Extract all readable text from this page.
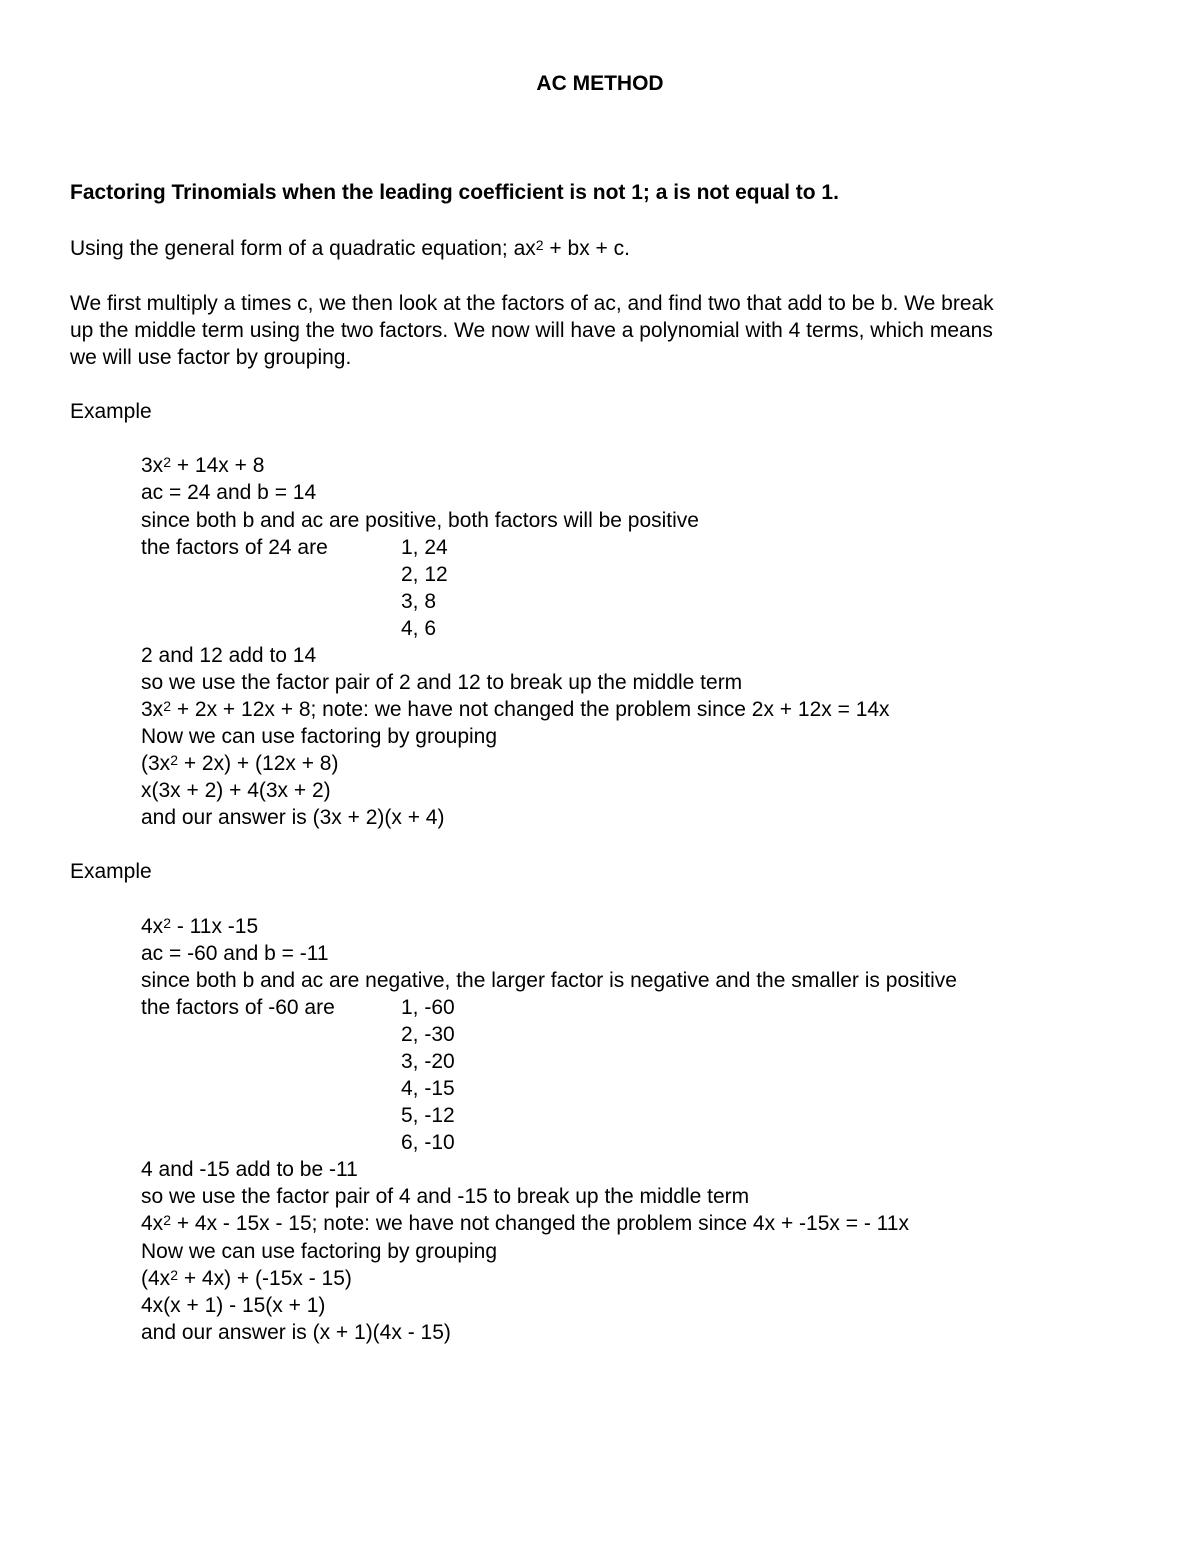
AC METHOD
Factoring Trinomials when the leading coefficient is not 1; a is not equal to 1.
Using the general form of a quadratic equation; $ax^2$ + bx + c.
We first multiply a times c, we then look at the factors of ac, and find two that add to be b. We break
up the middle term using the two factors. We now will have a polynomial with 4 terms, which means
we will use factor by grouping.
Example
$3x^2 + 14x + 8$
ac = 24 and b = 14
since both b and ac are positive, both factors will be positive
the factors of 24 are	1, 24
2, 12
3, 8
4, 6
2 and 12 add to 14
so we use the factor pair of 2 and 12 to break up the middle term
$3x^2 + 2x + 12x + 8$; note: we have not changed the problem since 2x + 12x = 14x
Now we can use factoring by grouping
$(3x^2 + 2x) + (12x + 8)$
x(3x + 2) + 4(3x + 2)
and our answer is (3x + 2)(x + 4)
Example
$4x^2 - 11x$ -15
ac = -60 and b = -11
since both b and ac are negative, the larger factor is negative and the smaller is positive
the factors of -60 are	1, -60
2, -30
3, -20
4, -15
5, -12
6, -10
4 and -15 add to be -11
so we use the factor pair of 4 and -15 to break up the middle term
$4x^2 + 4x - 15x - 15$; note: we have not changed the problem since 4x + -15x = - 11x
Now we can use factoring by grouping
$(4x^2 + 4x) + (-15x - 15)$
4x(x + 1) - 15(x + 1)
and our answer is (x + 1)(4x - 15)
